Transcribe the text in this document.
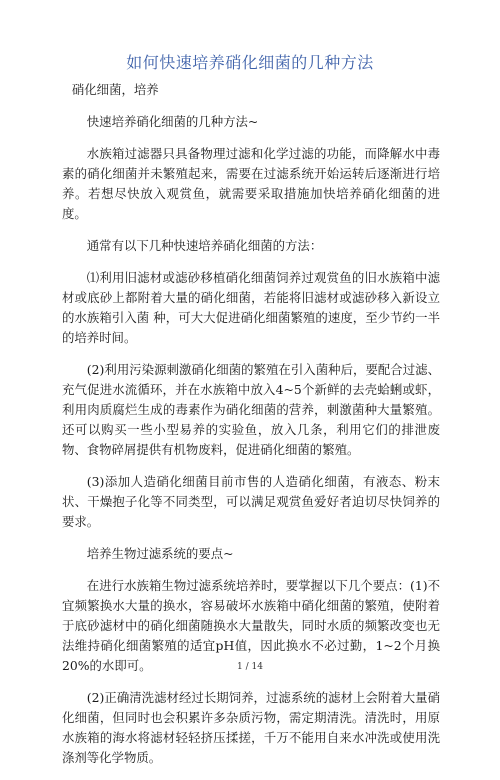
如何快速培养硝化细菌的几种方法

硝化细菌，培养

快速培养硝化细菌的几种方法~

水族箱过滤器只具备物理过滤和化学过滤的功能，而降解水中毒素的硝化细菌并未繁殖起来，需要在过滤系统开始运转后逐渐进行培养。若想尽快放入观赏鱼，就需要采取措施加快培养硝化细菌的进度。

通常有以下几种快速培养硝化细菌的方法：

⑴利用旧滤材或滤砂移植硝化细菌饲养过观赏鱼的旧水族箱中滤材或底砂上都附着大量的硝化细菌，若能将旧滤材或滤砂移入新设立的水族箱引入菌 种，可大大促进硝化细菌繁殖的速度，至少节约一半的培养时间。

(2)利用污染源刺激硝化细菌的繁殖在引入菌种后，要配合过滤、充气促进水流循环，并在水族箱中放入4~5个新鲜的去壳蛤蜊或虾，利用肉质腐烂生成的毒素作为硝化细菌的营养，刺激菌种大量繁殖。还可以购买一些小型易养的实验鱼，放入几条，利用它们的排泄废物、食物碎屑提供有机物废料，促进硝化细菌的繁殖。

(3)添加人造硝化细菌目前市售的人造硝化细菌，有液态、粉末状、干燥抱子化等不同类型，可以满足观赏鱼爱好者迫切尽快饲养的要求。

培养生物过滤系统的要点~

在进行水族箱生物过滤系统培养时，要掌握以下几个要点：(1)不宜频繁换水大量的换水，容易破坏水族箱中硝化细菌的繁殖，使附着于底砂滤材中的硝化细菌随换水大量散失，同时水质的频繁改变也无法维持硝化细菌繁殖的适宜pH值，因此换水不必过勤，1~2个月换20%的水即可。

(2)正确清洗滤材经过长期饲养，过滤系统的滤材上会附着大量硝化细菌，但同时也会积累许多杂质污物，需定期清洗。清洗时，用原水族箱的海水将滤材轻轻挤压揉搓，千万不能用自来水冲洗或使用洗涤剂等化学物质。

1 / 14
